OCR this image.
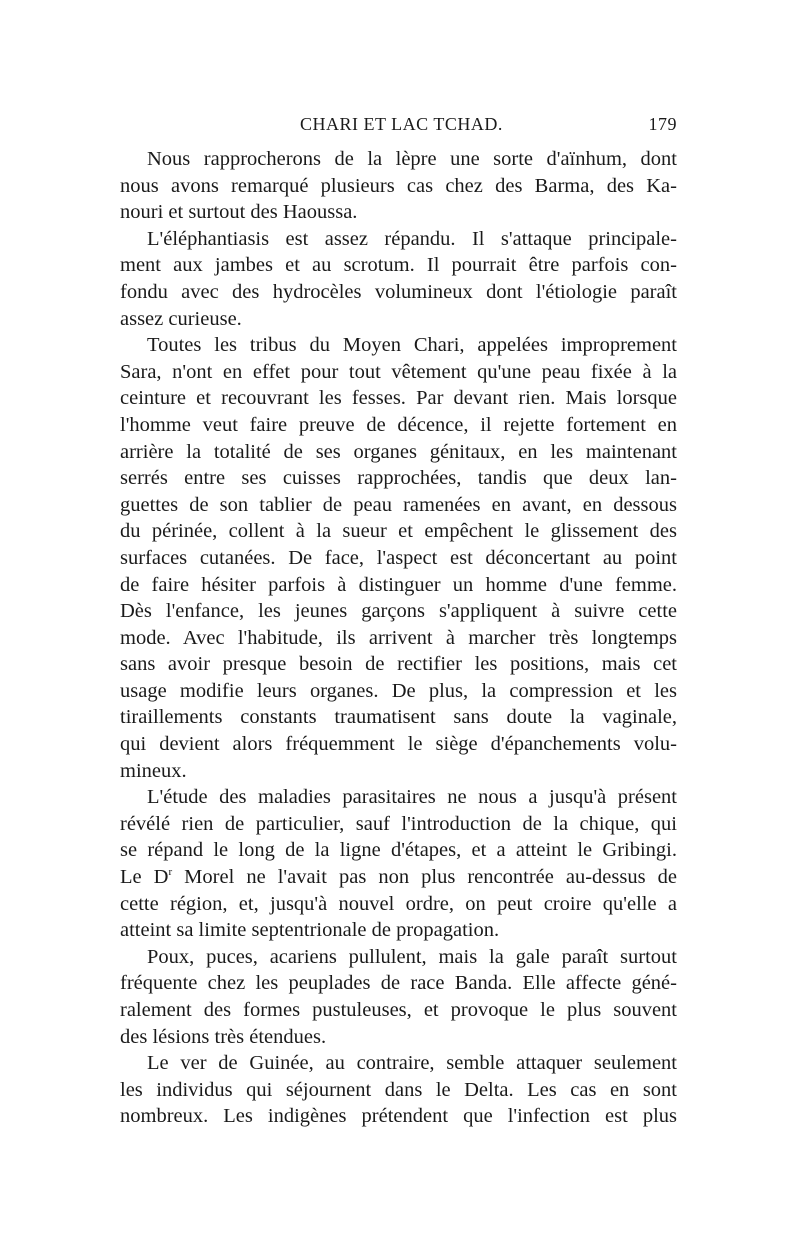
CHARI ET LAC TCHAD.	179

Nous rapprocherons de la lèpre une sorte d'aïnhum, dont
nous avons remarqué plusieurs cas chez des Barma, des Ka-
nouri et surtout des Haoussa.

L'éléphantiasis est assez répandu. Il s'attaque principale-
ment aux jambes et au scrotum. Il pourrait être parfois con-
fondu avec des hydrocèles volumineux dont l'étiologie paraît
assez curieuse.

Toutes les tribus du Moyen Chari, appelées improprement
Sara, n'ont en effet pour tout vêtement qu'une peau fixée à la
ceinture et recouvrant les fesses. Par devant rien. Mais lorsque
l'homme veut faire preuve de décence, il rejette fortement en
arrière la totalité de ses organes génitaux, en les maintenant
serrés entre ses cuisses rapprochées, tandis que deux lan-
guettes de son tablier de peau ramenées en avant, en dessous
du périnée, collent à la sueur et empêchent le glissement des
surfaces cutanées. De face, l'aspect est déconcertant au point
de faire hésiter parfois à distinguer un homme d'une femme.
Dès l'enfance, les jeunes garçons s'appliquent à suivre cette
mode. Avec l'habitude, ils arrivent à marcher très longtemps
sans avoir presque besoin de rectifier les positions, mais cet
usage modifie leurs organes. De plus, la compression et les
tiraillements constants traumatisent sans doute la vaginale,
qui devient alors fréquemment le siège d'épanchements volu-
mineux.

L'étude des maladies parasitaires ne nous a jusqu'à présent
révélé rien de particulier, sauf l'introduction de la chique, qui
se répand le long de la ligne d'étapes, et a atteint le Gribingi.
Le $D^r$ Morel ne l'avait pas non plus rencontrée au-dessus de
cette région, et, jusqu'à nouvel ordre, on peut croire qu'elle a
atteint sa limite septentrionale de propagation.

Poux, puces, acariens pullulent, mais la gale paraît surtout
fréquente chez les peuplades de race Banda. Elle affecte géné-
ralement des formes pustuleuses, et provoque le plus souvent
des lésions très étendues.

Le ver de Guinée, au contraire, semble attaquer seulement
les individus qui séjournent dans le Delta. Les cas en sont
nombreux. Les indigènes prétendent que l'infection est plus
